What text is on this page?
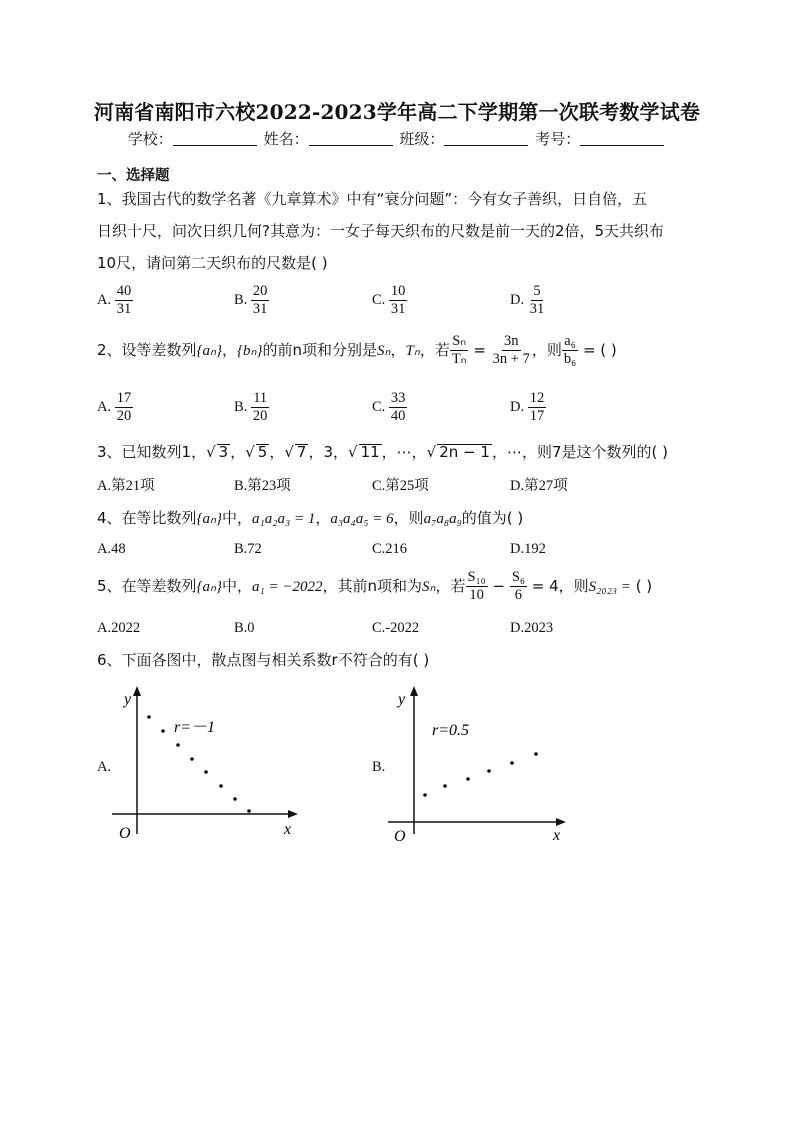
河南省南阳市六校2022-2023学年高二下学期第一次联考数学试卷
学校：	姓名：	班级：	考号：
一、选择题
1、我国古代的数学名著《九章算术》中有“衰分问题”：今有女子善织，日自倍，五
日织十尺，问次日织几何?其意为：一女子每天织布的尺数是前一天的2倍，5天共织布
10尺，请问第二天织布的尺数是( )
A. $\frac{40}{31}$	B. $\frac{20}{31}$	C. $\frac{10}{31}$	D. $\frac{5}{31}$
2、设等差数列{aₙ}，{bₙ}的前n项和分别是Sₙ，Tₙ，若 $\frac{\text{Sₙ}}{\text{Tₙ}} = \frac{3n}{3n + 7}$ ，则 $\frac{\text{a₆}}{\text{b₆}}$ = ( )
A. $\frac{17}{20}$	B. $\frac{11}{20}$	C. $\frac{33}{40}$	D. $\frac{12}{17}$
3、已知数列1，√ 3 ，√ 5 ，√ 7 ，3，√ 11 ，⋯，√ 2n − 1 ，⋯，则7是这个数列的( )
A.第21项	B.第23项	C.第25项	D.第27项
4、在等比数列{aₙ}中，a₁a₂a₃ = 1，a₃a₄a₅ = 6，则a₇a₈a₉的值为( )
A.48	B.72	C.216	D.192
5、在等差数列{aₙ}中，a₁ = −2022，其前n项和为Sₙ，若 $\frac{\text{S₁₀}}{10} - \frac{\text{S₆}}{6} = 4$，则S₂₀₂₃ = ( )
A.2022	B.0	C.-2022	D.2023
6、下面各图中，散点图与相关系数r不符合的有( )
A.
y
x
O
r=－1
B.
y
x
O
r=0.5
